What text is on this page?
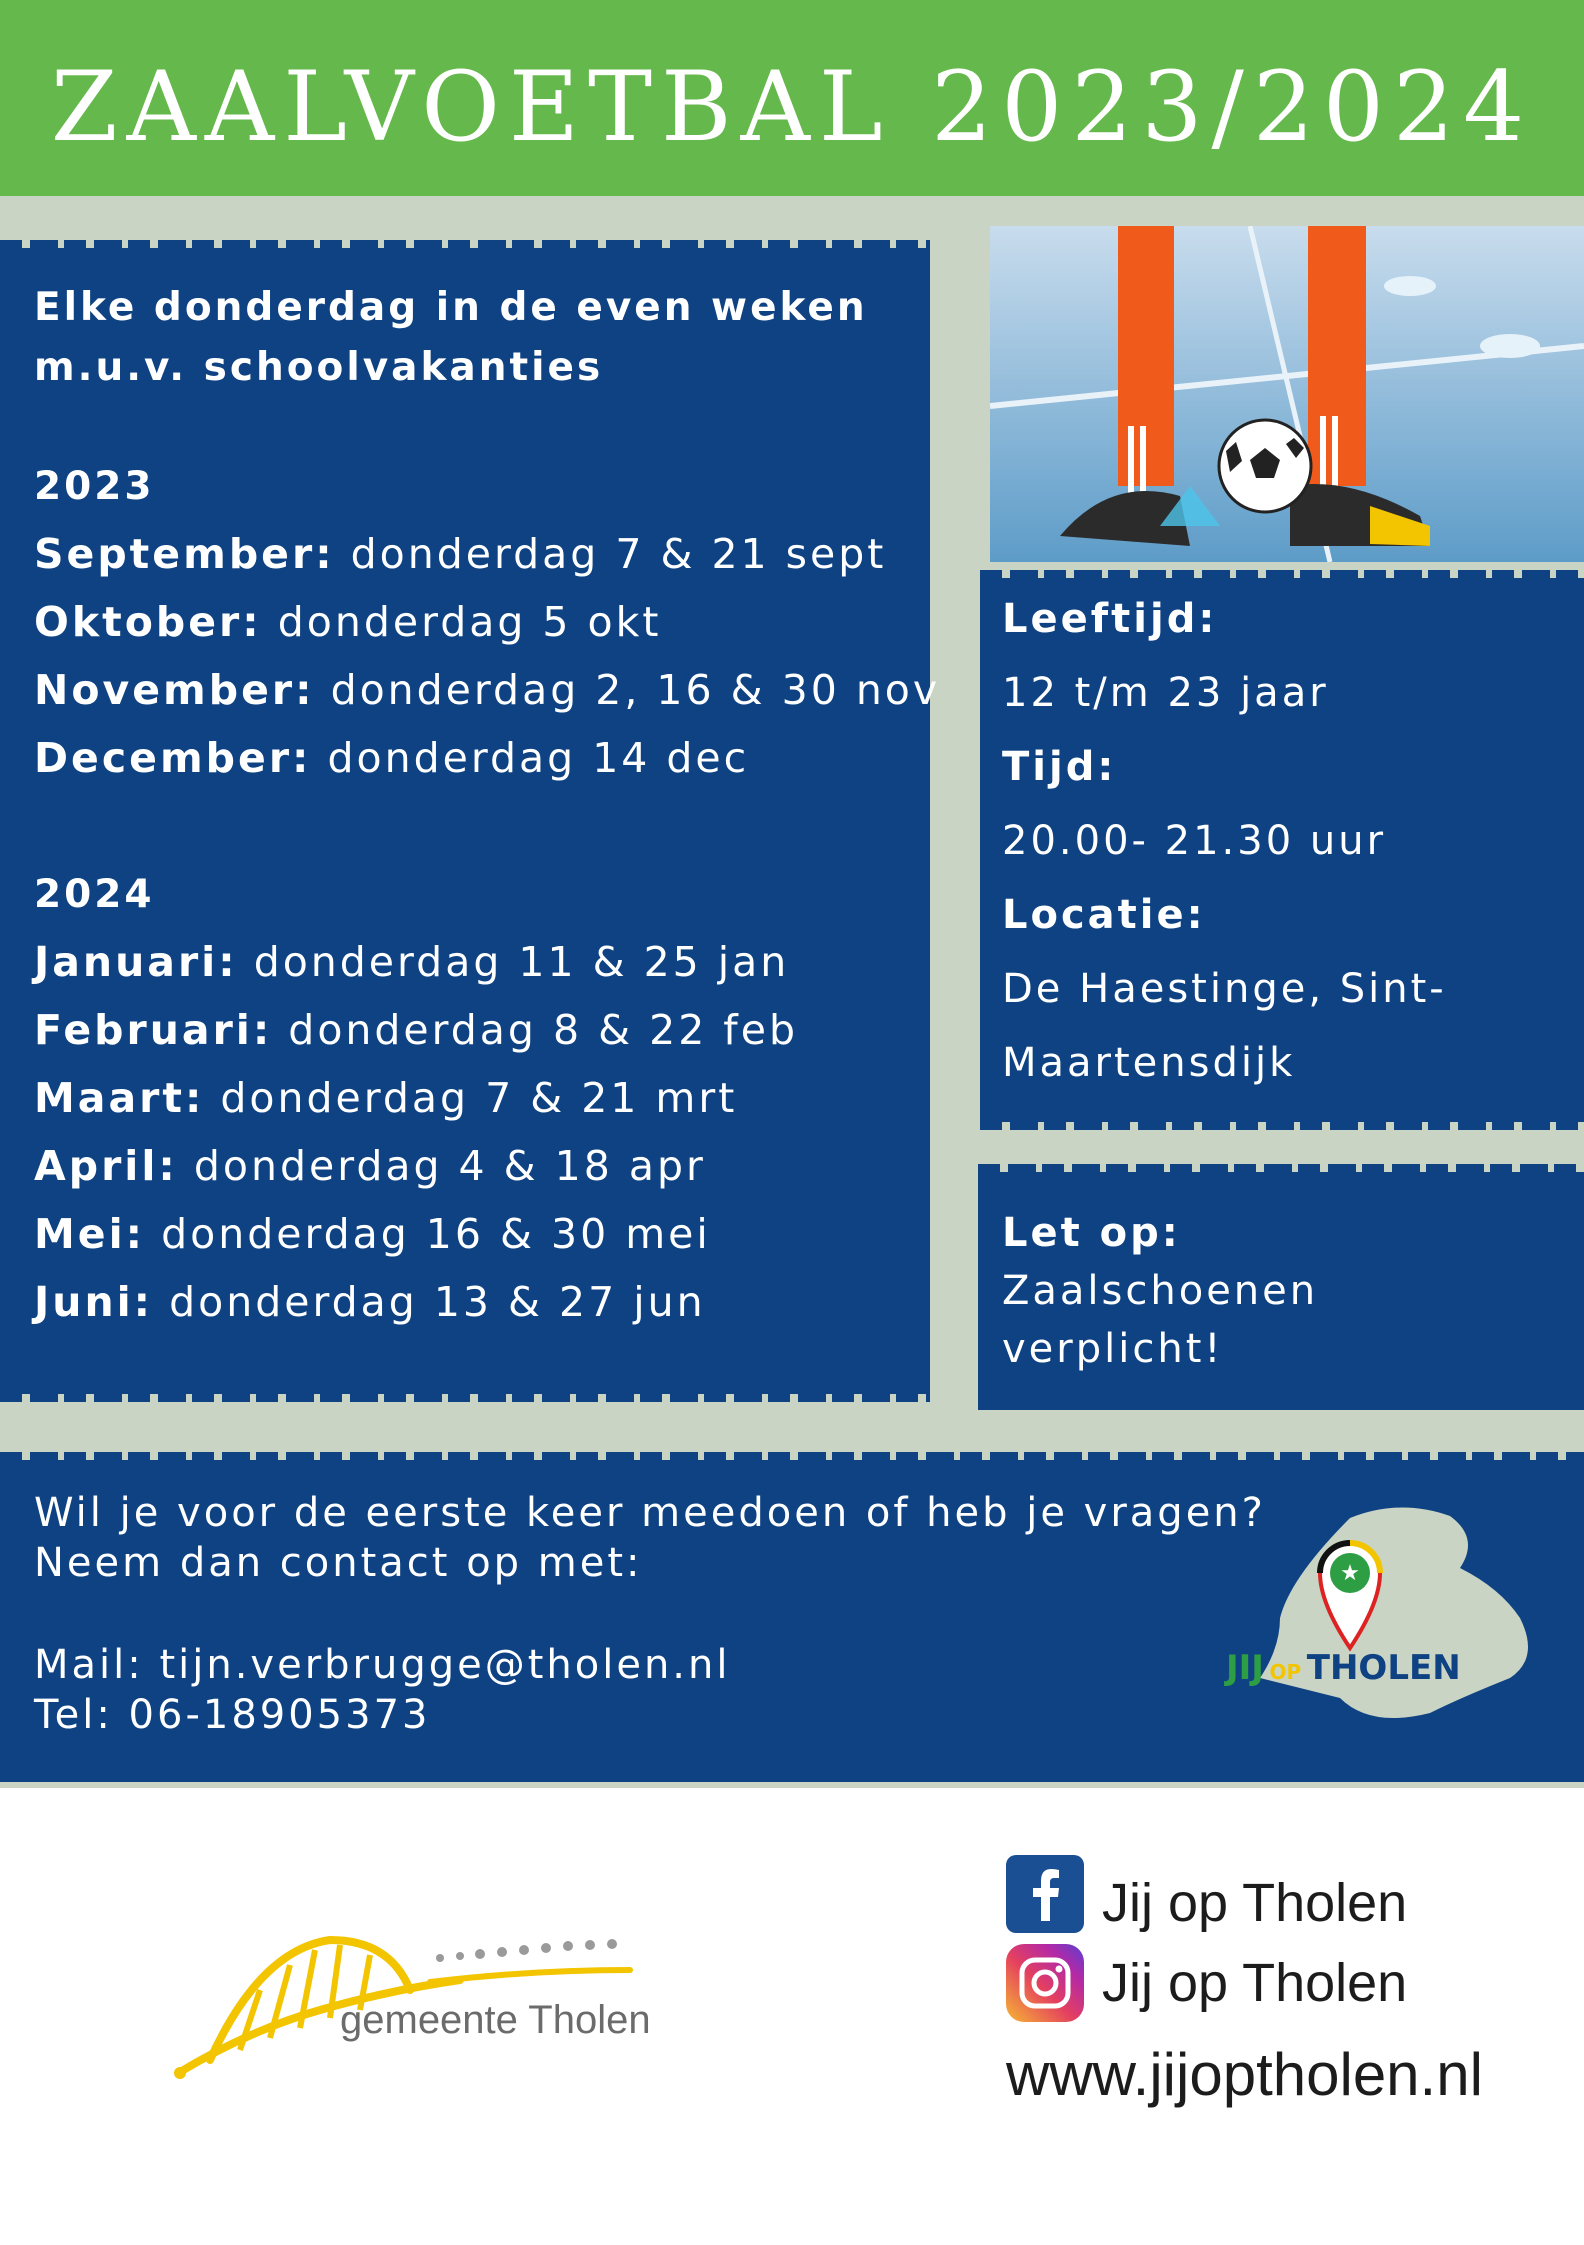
ZAALVOETBAL 2023/2024
Elke donderdag in de even weken
m.u.v. schoolvakanties
2023
September: donderdag 7 & 21 sept
Oktober: donderdag 5 okt
November: donderdag 2, 16 & 30 nov
December: donderdag 14 dec
2024
Januari: donderdag 11 & 25 jan
Februari: donderdag 8 & 22 feb
Maart: donderdag 7 & 21 mrt
April: donderdag 4 & 18 apr
Mei: donderdag 16 & 30 mei
Juni: donderdag 13 & 27 jun
Leeftijd:
12 t/m 23 jaar
Tijd:
20.00- 21.30 uur
Locatie:
De Haestinge, Sint-
Maartensdijk
Let op:
Zaalschoenen
verplicht!
Wil je voor de eerste keer meedoen of heb je vragen?
Neem dan contact op met:
Mail: tijn.verbrugge@tholen.nl
Tel: 06-18905373
★
JIJ OP THOLEN
gemeente Tholen
Jij op Tholen
Jij op Tholen
www.jijoptholen.nl
